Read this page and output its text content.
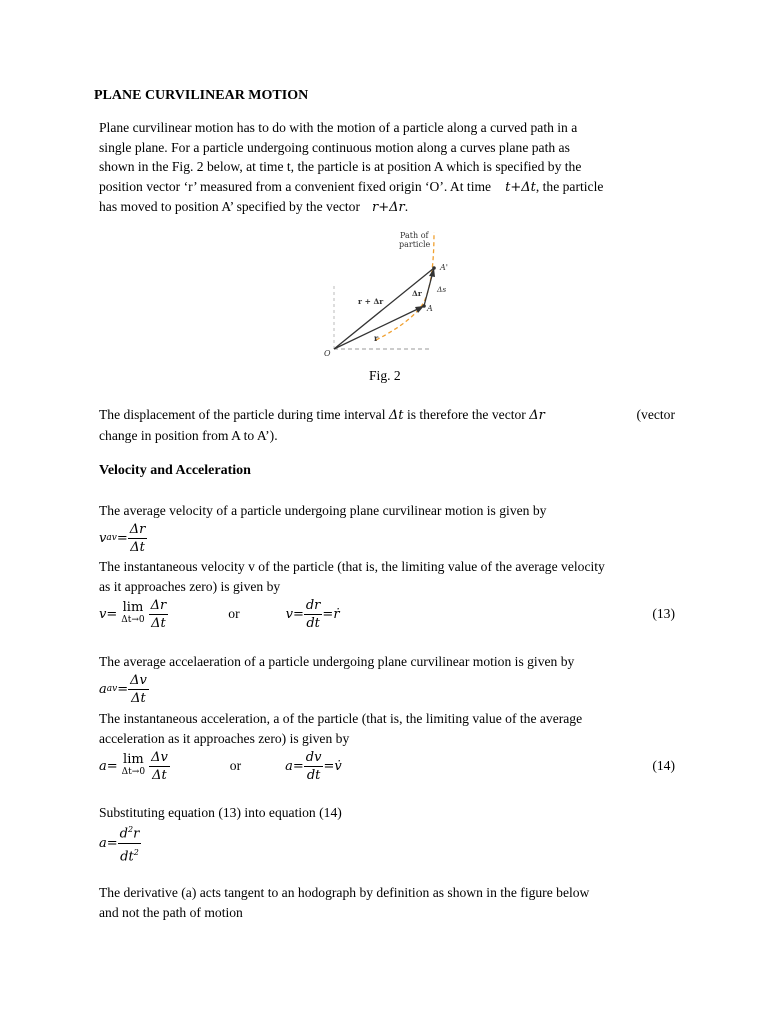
PLANE CURVILINEAR MOTION

Plane curvilinear motion has to do with the motion of a particle along a curved path in a

single plane. For a particle undergoing continuous motion along a curves plane path as

shown in the Fig. 2 below, at time t, the particle is at position A which is specified by the

position vector ‘r’ measured from a convenient fixed origin ‘O’. At time t+Δt, the particle

has moved to position A’ specified by the vector r+Δr.

Path of
particle
A'
A
O
r
r + Δr
Δr Δs
Fig. 2

The displacement of the particle during time interval Δt is therefore the vector Δr	(vector

change in position from A to A’).

Velocity and Acceleration
The average velocity of a particle undergoing plane curvilinear motion is given by
v av = $\frac{\Delta r}{\Delta t}$

The instantaneous velocity v of the particle (that is, the limiting value of the average velocity

as it approaches zero) is given by

v = lim
$\Delta t\to 0 \frac{\Delta r}{\Delta t}$	or	$v = \frac{dr}{dt}$ = ṙ	(13)
The average accelaeration of a particle undergoing plane curvilinear motion is given by
a av = $\frac{\Delta v}{\Delta t}$

The instantaneous acceleration, a of the particle (that is, the limiting value of the average

acceleration as it approaches zero) is given by

a = lim
$\Delta t\to 0 \frac{\Delta v}{\Delta t}$	or	$a = \frac{dv}{dt}$ = v̇	(14)
Substituting equation (13) into equation (14)
$a = \frac{d^2r}{dt^2}$

The derivative (a) acts tangent to an hodograph by definition as shown in the figure below

and not the path of motion
